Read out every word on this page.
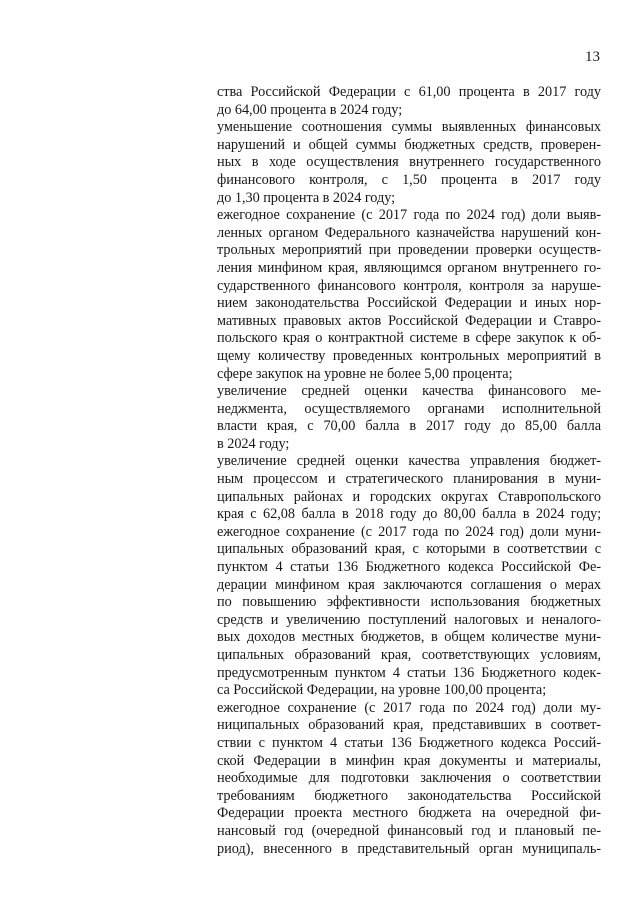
13
ства Российской Федерации с 61,00 процента в 2017 году
до 64,00 процента в 2024 году;
уменьшение соотношения суммы выявленных финансовых
нарушений и общей суммы бюджетных средств, проверен-
ных в ходе осуществления внутреннего государственного
финансового контроля, с 1,50 процента в 2017 году
до 1,30 процента в 2024 году;
ежегодное сохранение (с 2017 года по 2024 год) доли выяв-
ленных органом Федерального казначейства нарушений кон-
трольных мероприятий при проведении проверки осуществ-
ления минфином края, являющимся органом внутреннего го-
сударственного финансового контроля, контроля за наруше-
нием законодательства Российской Федерации и иных нор-
мативных правовых актов Российской Федерации и Ставро-
польского края о контрактной системе в сфере закупок к об-
щему количеству проведенных контрольных мероприятий в
сфере закупок на уровне не более 5,00 процента;
увеличение средней оценки качества финансового ме-
неджмента, осуществляемого органами исполнительной
власти края, с 70,00 балла в 2017 году до 85,00 балла
в 2024 году;
увеличение средней оценки качества управления бюджет-
ным процессом и стратегического планирования в муни-
ципальных районах и городских округах Ставропольского
края с 62,08 балла в 2018 году до 80,00 балла в 2024 году;
ежегодное сохранение (с 2017 года по 2024 год) доли муни-
ципальных образований края, с которыми в соответствии с
пунктом 4 статьи 136 Бюджетного кодекса Российской Фе-
дерации минфином края заключаются соглашения о мерах
по повышению эффективности использования бюджетных
средств и увеличению поступлений налоговых и неналого-
вых доходов местных бюджетов, в общем количестве муни-
ципальных образований края, соответствующих условиям,
предусмотренным пунктом 4 статьи 136 Бюджетного кодек-
са Российской Федерации, на уровне 100,00 процента;
ежегодное сохранение (с 2017 года по 2024 год) доли му-
ниципальных образований края, представивших в соответ-
ствии с пунктом 4 статьи 136 Бюджетного кодекса Россий-
ской Федерации в минфин края документы и материалы,
необходимые для подготовки заключения о соответствии
требованиям бюджетного законодательства Российской
Федерации проекта местного бюджета на очередной фи-
нансовый год (очередной финансовый год и плановый пе-
риод), внесенного в представительный орган муниципаль-
